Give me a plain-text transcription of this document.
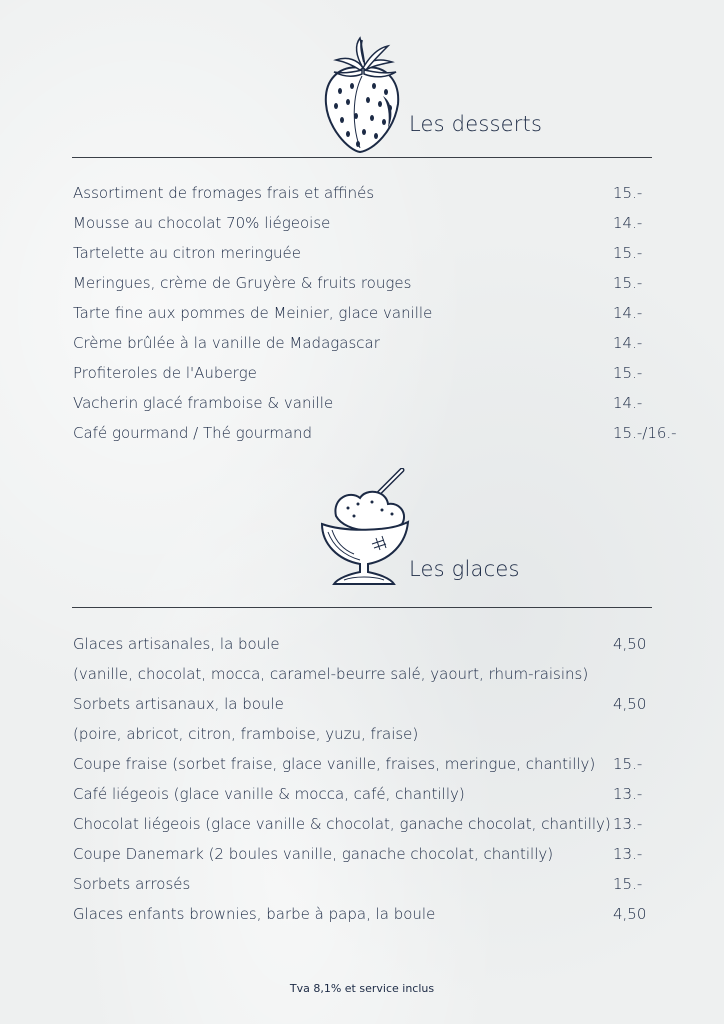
Les desserts
Assortiment de fromages frais et affinés	15.-
Mousse au chocolat 70% liégeoise	14.-
Tartelette au citron meringuée	15.-
Meringues, crème de Gruyère & fruits rouges	15.-
Tarte fine aux pommes de Meinier, glace vanille	14.-
Crème brûlée à la vanille de Madagascar	14.-
Profiteroles de l'Auberge	15.-
Vacherin glacé framboise & vanille	14.-
Café gourmand / Thé gourmand	15.-/16.-
Les glaces
Glaces artisanales, la boule	4,50
(vanille, chocolat, mocca, caramel-beurre salé, yaourt, rhum-raisins)
Sorbets artisanaux, la boule	4,50
(poire, abricot, citron, framboise, yuzu, fraise)
Coupe fraise (sorbet fraise, glace vanille, fraises, meringue, chantilly) 15.-
Café liégeois (glace vanille & mocca, café, chantilly)	13.-
Chocolat liégeois (glace vanille & chocolat, ganache chocolat, chantilly) 13.-
Coupe Danemark (2 boules vanille, ganache chocolat, chantilly)	13.-
Sorbets arrosés	15.-
Glaces enfants brownies, barbe à papa, la boule	4,50
Tva 8,1% et service inclus
